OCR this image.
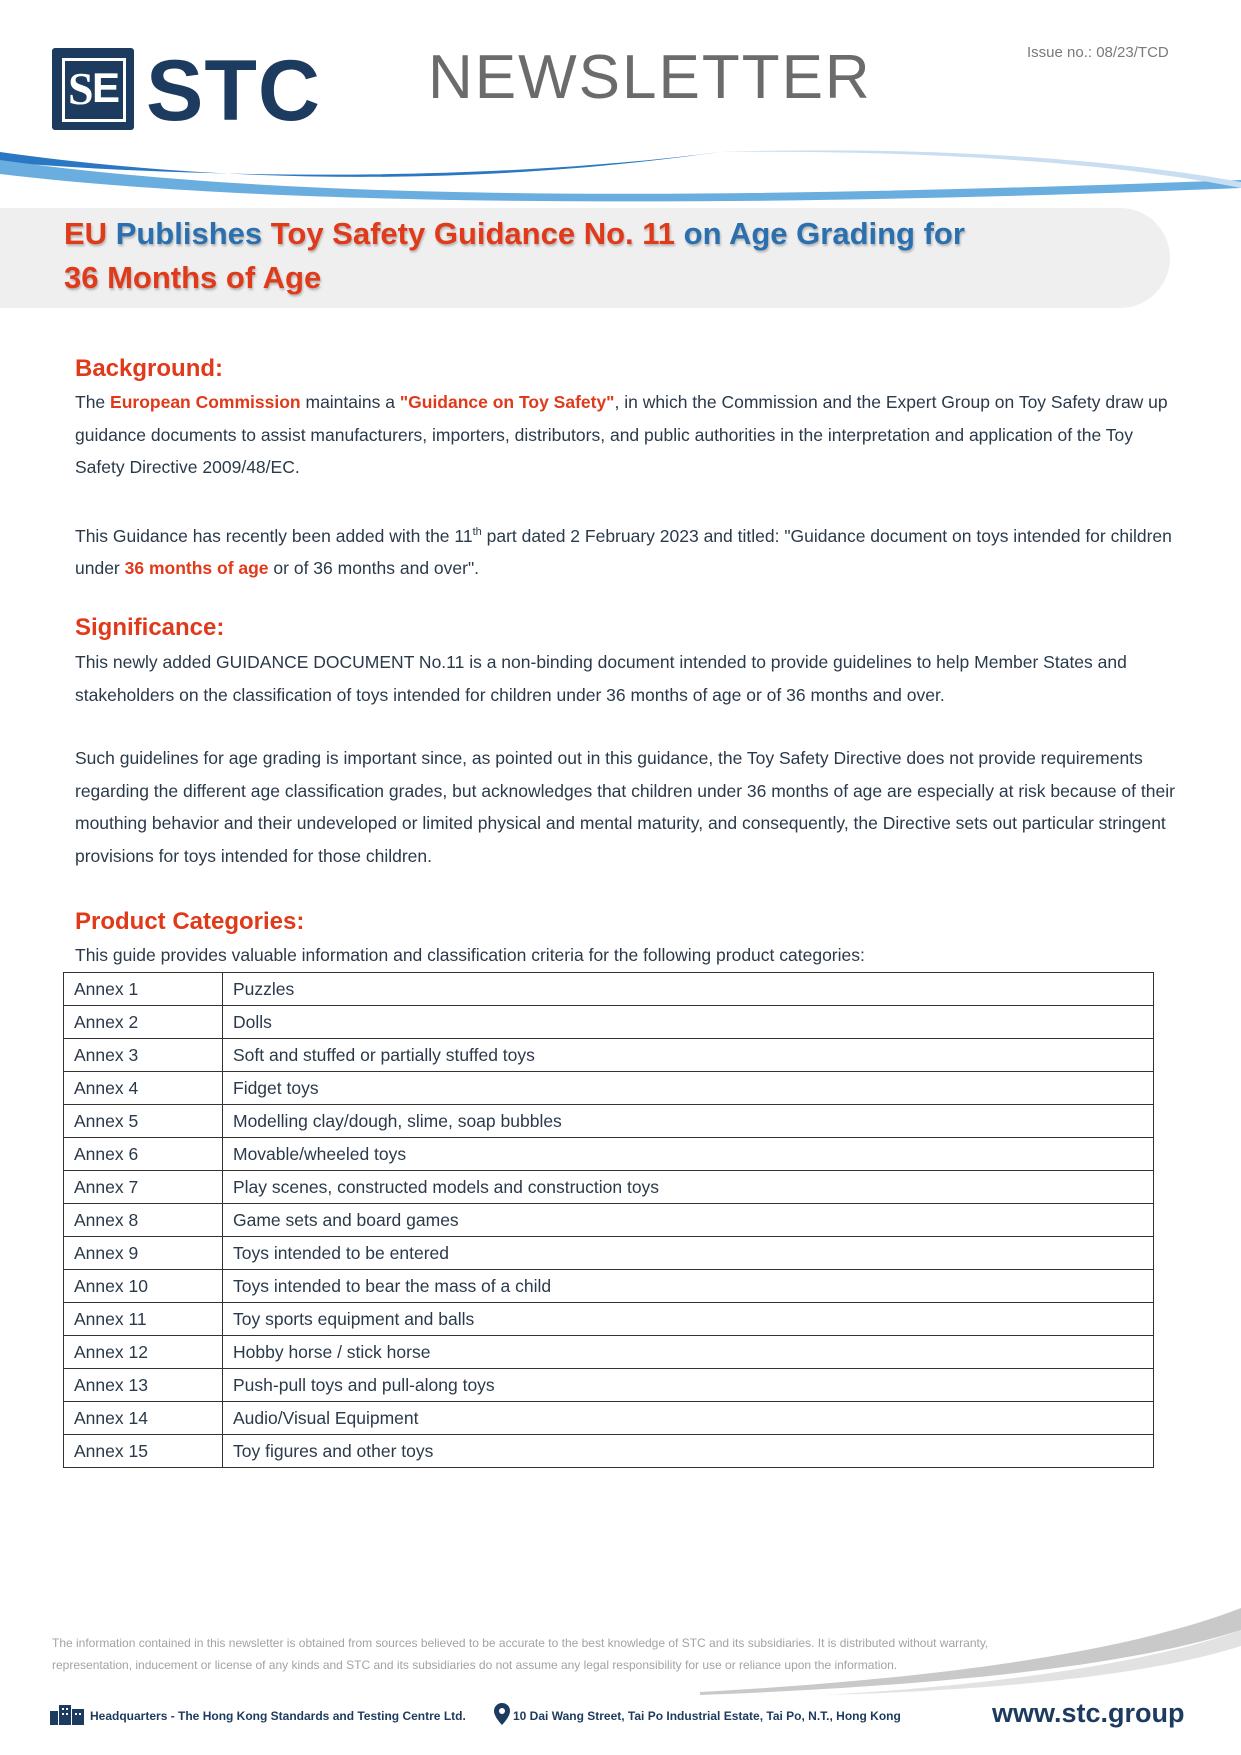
S
E STC NEWSLETTER	Issue no.: 08/23/TCD
EU Publishes Toy Safety Guidance No. 11 on Age Grading for
36 Months of Age
Background:
The European Commission maintains a "Guidance on Toy Safety", in which the Commission and the Expert Group on Toy Safety draw up guidance documents to assist manufacturers, importers, distributors, and public authorities in the interpretation and application of the Toy Safety Directive 2009/48/EC.
This Guidance has recently been added with the 11th part dated 2 February 2023 and titled: "Guidance document on toys intended for children under 36 months of age or of 36 months and over".
Significance:
This newly added GUIDANCE DOCUMENT No.11 is a non-binding document intended to provide guidelines to help Member States and stakeholders on the classification of toys intended for children under 36 months of age or of 36 months and over.
Such guidelines for age grading is important since, as pointed out in this guidance, the Toy Safety Directive does not provide requirements regarding the different age classification grades, but acknowledges that children under 36 months of age are especially at risk because of their mouthing behavior and their undeveloped or limited physical and mental maturity, and consequently, the Directive sets out particular stringent provisions for toys intended for those children.
Product Categories:
This guide provides valuable information and classification criteria for the following product categories:
Annex 1	Puzzles
Annex 2	Dolls
Annex 3	Soft and stuffed or partially stuffed toys
Annex 4	Fidget toys
Annex 5	Modelling clay/dough, slime, soap bubbles
Annex 6	Movable/wheeled toys
Annex 7	Play scenes, constructed models and construction toys
Annex 8	Game sets and board games
Annex 9	Toys intended to be entered
Annex 10	Toys intended to bear the mass of a child
Annex 11	Toy sports equipment and balls
Annex 12	Hobby horse / stick horse
Annex 13	Push-pull toys and pull-along toys
Annex 14	Audio/Visual Equipment
Annex 15	Toy figures and other toys
The information contained in this newsletter is obtained from sources believed to be accurate to the best knowledge of STC and its subsidiaries. It is distributed without warranty, representation, inducement or license of any kinds and STC and its subsidiaries do not assume any legal responsibility for use or reliance upon the information.
Headquarters - The Hong Kong Standards and Testing Centre Ltd.	10 Dai Wang Street, Tai Po Industrial Estate, Tai Po, N.T., Hong Kong	www.stc.group
